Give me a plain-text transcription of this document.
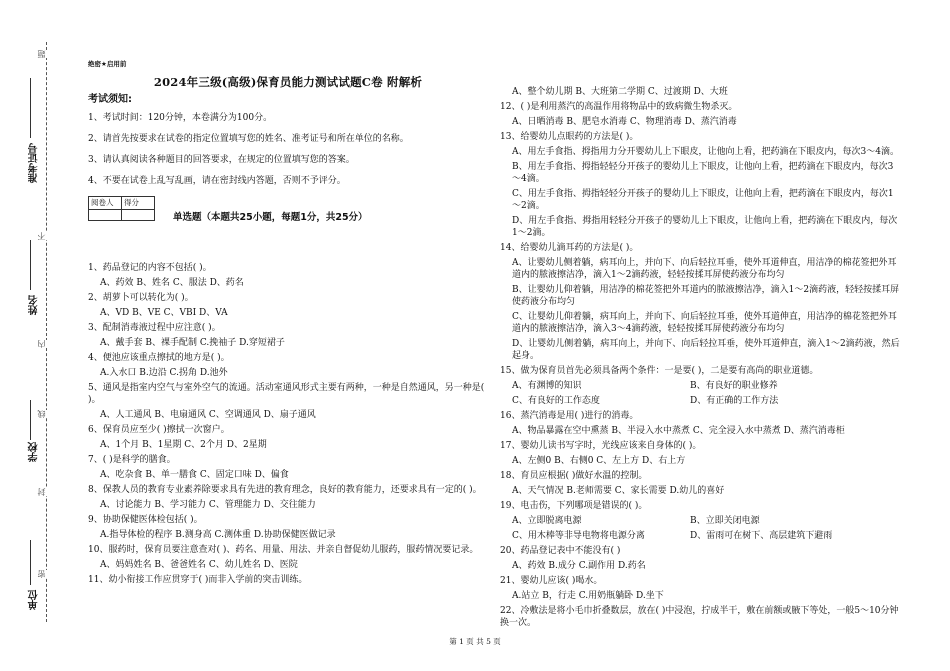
题
不
内
线
封
密
准考证号
姓名
学校
单位
绝密★启用前
2024年三级(高级)保育员能力测试试题C卷 附解析
考试须知:
1、考试时间：120分钟，本卷满分为100分。
2、请首先按要求在试卷的指定位置填写您的姓名、准考证号和所在单位的名称。
3、请认真阅读各种题目的回答要求，在规定的位置填写您的答案。
4、不要在试卷上乱写乱画，请在密封线内答题，否则不予评分。
阅卷人	得分

单选题（本题共25小题，每题1分，共25分）
1、药品登记的内容不包括( )。
A、药效 B、姓名 C、服法 D、药名
2、胡萝卜可以转化为( )。
A、VD B、VE C、VBI D、VA
3、配制消毒液过程中应注意( )。
A、戴手套 B、裸手配制 C.挽袖子 D.穿短裙子
4、便池应该重点擦拭的地方是( )。
A.入水口 B.边沿 C.拐角 D.池外
5、通风是指室内空气与室外空气的流通。活动室通风形式主要有两种，一种是自然通风，另一种是( )。
A、人工通风 B、电扇通风 C、空调通风 D、扇子通风
6、保育员应至少( )擦拭一次窗户。
A、1个月 B、1星期 C、2个月 D、2星期
7、( )是科学的膳食。
A、吃杂食 B、单一膳食 C、固定口味 D、偏食
8、保教人员的教育专业素养除要求具有先进的教育理念，良好的教育能力，还要求具有一定的( )。
A、讨论能力 B、学习能力 C、管理能力 D、交往能力
9、协助保健医体检包括( )。
A.指导体检的程序 B.测身高 C.测体重 D.协助保健医做记录
10、服药时，保育员要注意查对( )、药名、用量、用法、并亲自督促幼儿服药，服药情况要记录。
A、妈妈姓名 B、爸爸姓名 C、幼儿姓名 D、医院
11、幼小衔接工作应贯穿于( )而非入学前的突击训练。
A、整个幼儿期 B、大班第二学期 C、过渡期 D、大班
12、( )是利用蒸汽的高温作用将物品中的致病微生物杀灭。
A、日晒消毒 B、肥皂水消毒 C、物理消毒 D、蒸汽消毒
13、给婴幼儿点眼药的方法是( )。
A、用左手食指、拇指用力分开婴幼儿上下眼皮，让他向上看，把药滴在下眼皮内，每次3～4滴。
B、用左手食指、拇指轻轻分开孩子的婴幼儿上下眼皮，让他向上看，把药滴在下眼皮内，每次3～4滴。
C、用左手食指、拇指轻轻分开孩子的婴幼儿上下眼皮，让他向上看，把药滴在下眼皮内，每次1～2滴。
D、用左手食指、拇指用轻轻分开孩子的婴幼儿上下眼皮，让他向上看，把药滴在下眼皮内，每次1～2滴。
14、给婴幼儿滴耳药的方法是( )。
A、让婴幼儿侧着躺，病耳向上，并向下、向后轻拉耳垂，使外耳道伸直，用洁净的棉花签把外耳道内的脓液擦洁净，滴入1～2滴药液，轻轻按揉耳屏使药液分布均匀
B、让婴幼儿仰着躺，用洁净的棉花签把外耳道内的脓液擦洁净，滴入1～2滴药液，轻轻按揉耳屏使药液分布均匀
C、让婴幼儿仰着躺，病耳向上，并向下、向后轻拉耳垂，使外耳道伸直，用洁净的棉花签把外耳道内的脓液擦洁净，滴入3～4滴药液，轻轻按揉耳屏使药液分布均匀
D、让婴幼儿侧着躺，病耳向上，并向下、向后轻拉耳垂，使外耳道伸直，滴入1～2滴药液，然后起身。
15、做为保育员首先必须具备两个条件：一是要( )，二是要有高尚的职业道德。
A、有渊博的知识	B、有良好的职业修养
C、有良好的工作态度	D、有正确的工作方法
16、蒸汽消毒是用( )进行的消毒。
A、物品暴露在空中熏蒸 B、半浸入水中蒸煮 C、完全浸入水中蒸煮 D、蒸汽消毒柜
17、婴幼儿读书写字时，光线应该来自身体的( )。
A、左侧0 B、右侧0 C、左上方 D、右上方
18、育员应根据( )做好水温的控制。
A、天气情况 B.老师需要 C、家长需要 D.幼儿的喜好
19、电击伤，下列哪项是错误的( )。
A、立即脱离电源	B、立即关闭电源
C、用木棒等非导电物将电源分离	D、雷雨可在树下、高层建筑下避雨
20、药品登记表中不能没有( )
A、药效 B.成分 C.副作用 D.药名
21、婴幼儿应该( )喝水。
A.站立 B，行走 C.用奶瓶躺卧 D.坐下
22、冷敷法是将小毛巾折叠数层，放在( )中浸泡，拧成半干，敷在前额或腋下等处，一般5～10分钟换一次。
第 1 页 共 5 页
